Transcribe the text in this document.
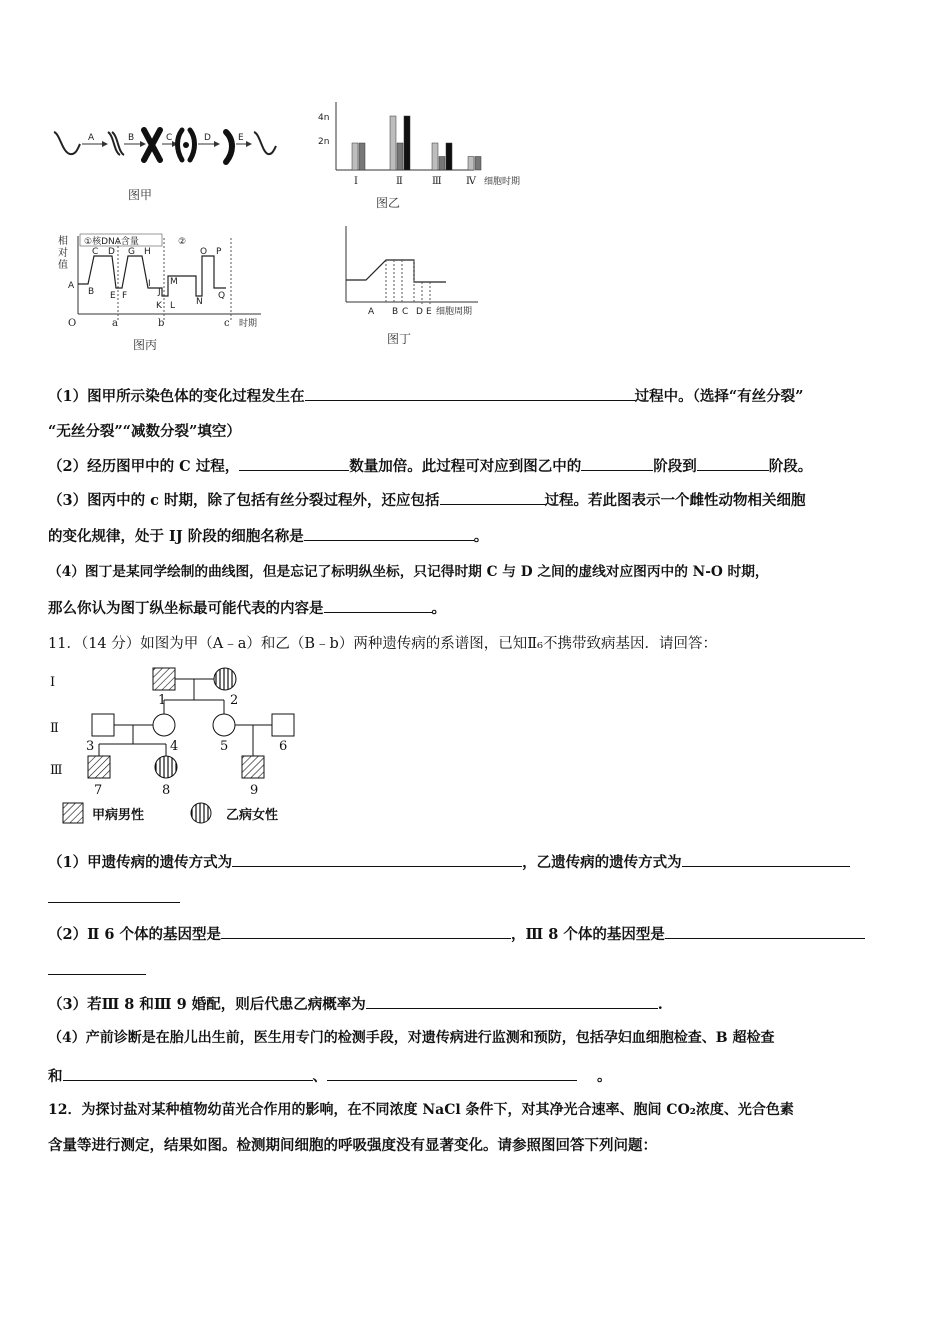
A	B	C	D	E
图甲
4n
2n
Ⅰ	Ⅱ	Ⅲ Ⅳ 细胞时期
图乙
相
对
值
①核DNA含量	②
A
B
C D
E F
G H
I
J
K L
M
N
O P
Q
O	a	b	c 时期
图丙
A B C D E 细胞周期
图丁
（1）图甲所示染色体的变化过程发生在	过程中。（选择“有丝分裂”
“无丝分裂”“减数分裂”填空）
（2）经历图甲中的 C 过程，	数量加倍。此过程可对应到图乙中的	阶段到	阶段。
（3）图丙中的 c 时期，除了包括有丝分裂过程外，还应包括	过程。若此图表示一个雌性动物相关细胞
的变化规律，处于 IJ 阶段的细胞名称是	。
（4）图丁是某同学绘制的曲线图，但是忘记了标明纵坐标，只记得时期 C 与 D 之间的虚线对应图丙中的 N-O 时期，
那么你认为图丁纵坐标最可能代表的内容是	。
11．（14 分）如图为甲（A﹣a）和乙（B﹣b）两种遗传病的系谱图，已知Ⅱ₆不携带致病基因．请回答：
Ⅰ
1	2
Ⅱ
3	4	5	6
Ⅲ
7	8	9
甲病男性	乙病女性
（1）甲遗传病的遗传方式为	，乙遗传病的遗传方式为
（2）Ⅱ 6 个体的基因型是	，Ⅲ 8 个体的基因型是
（3）若Ⅲ 8 和Ⅲ 9 婚配，则后代患乙病概率为	.
（4）产前诊断是在胎儿出生前，医生用专门的检测手段，对遗传病进行监测和预防，包括孕妇血细胞检查、B 超检查
和	、	。
12．为探讨盐对某种植物幼苗光合作用的影响，在不同浓度 NaCl 条件下，对其净光合速率、胞间 CO₂浓度、光合色素
含量等进行测定，结果如图。检测期间细胞的呼吸强度没有显著变化。请参照图回答下列问题：
